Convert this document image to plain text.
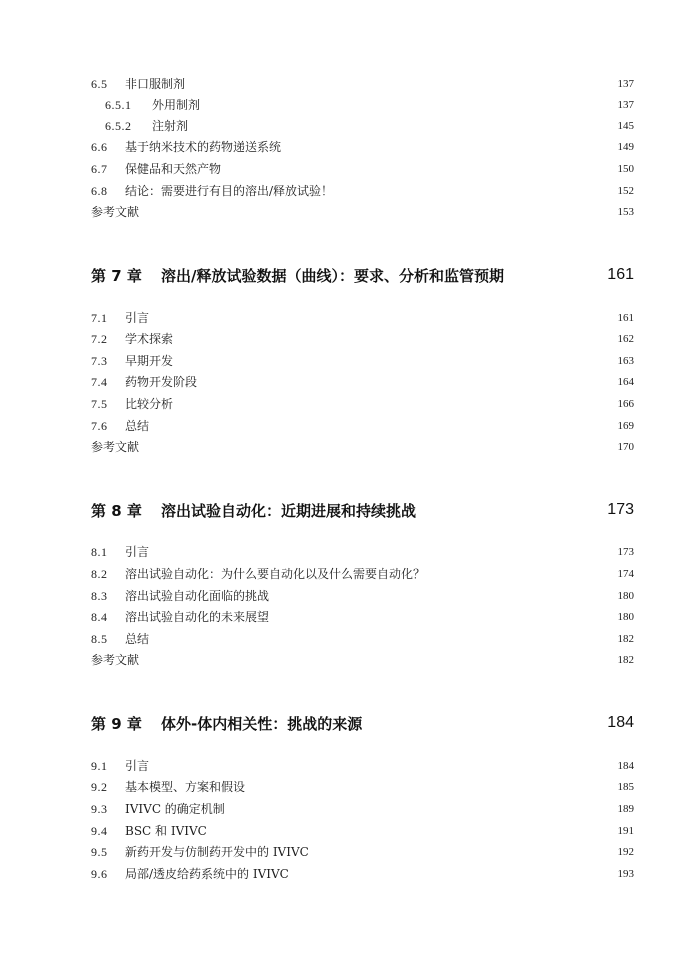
6.5	非口服制剂	137
6.5.1	外用制剂	137
6.5.2	注射剂	145
6.6	基于纳米技术的药物递送系统	149
6.7	保健品和天然产物	150
6.8	结论：需要进行有目的溶出/释放试验！	152
参考文献	153
第 7 章	溶出/释放试验数据（曲线）：要求、分析和监管预期	161
7.1	引言	161
7.2	学术探索	162
7.3	早期开发	163
7.4	药物开发阶段	164
7.5	比较分析	166
7.6	总结	169
参考文献	170
第 8 章	溶出试验自动化：近期进展和持续挑战	173
8.1	引言	173
8.2	溶出试验自动化：为什么要自动化以及什么需要自动化？	174
8.3	溶出试验自动化面临的挑战	180
8.4	溶出试验自动化的未来展望	180
8.5	总结	182
参考文献	182
第 9 章	体外-体内相关性：挑战的来源	184
9.1	引言	184
9.2	基本模型、方案和假设	185
9.3	IVIVC 的确定机制	189
9.4	BSC 和 IVIVC	191
9.5	新药开发与仿制药开发中的 IVIVC	192
9.6	局部/透皮给药系统中的 IVIVC	193
